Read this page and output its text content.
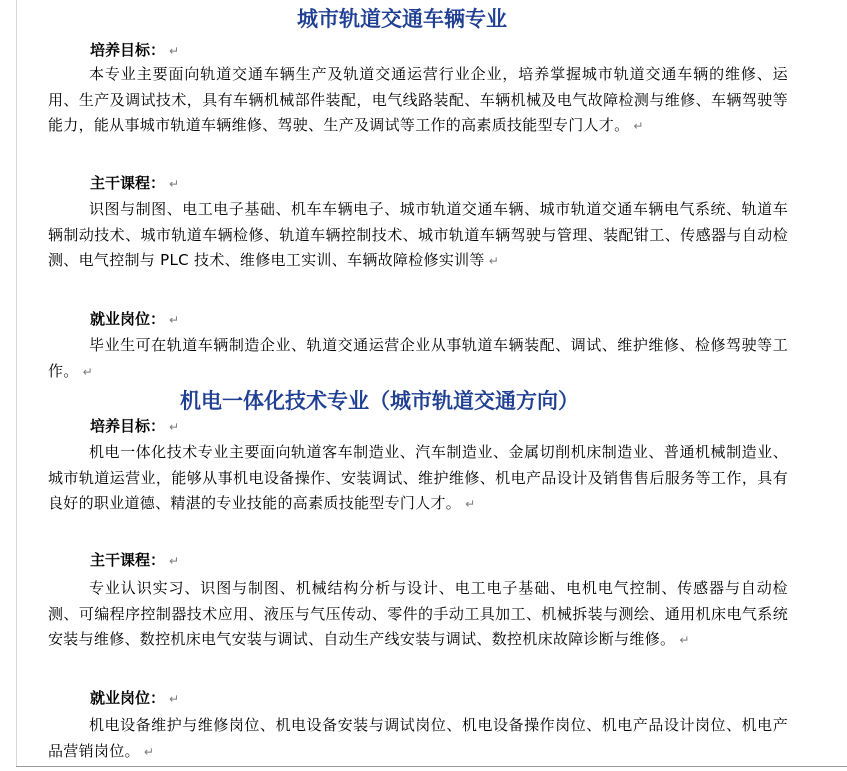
城市轨道交通车辆专业
培养目标： ↵
本专业主要面向轨道交通车辆生产及轨道交通运营行业企业，培养掌握城市轨道交通车辆的维修、运用、生产及调试技术，具有车辆机械部件装配，电气线路装配、车辆机械及电气故障检测与维修、车辆驾驶等能力，能从事城市轨道车辆维修、驾驶、生产及调试等工作的高素质技能型专门人才。 ↵
主干课程： ↵
识图与制图、电工电子基础、机车车辆电子、城市轨道交通车辆、城市轨道交通车辆电气系统、轨道车辆制动技术、城市轨道车辆检修、轨道车辆控制技术、城市轨道车辆驾驶与管理、装配钳工、传感器与自动检测、电气控制与 PLC 技术、维修电工实训、车辆故障检修实训等 ↵
就业岗位： ↵
毕业生可在轨道车辆制造企业、轨道交通运营企业从事轨道车辆装配、调试、维护维修、检修驾驶等工作。 ↵
机电一体化技术专业（城市轨道交通方向）
培养目标： ↵
机电一体化技术专业主要面向轨道客车制造业、汽车制造业、金属切削机床制造业、普通机械制造业、城市轨道运营业，能够从事机电设备操作、安装调试、维护维修、机电产品设计及销售售后服务等工作，具有良好的职业道德、精湛的专业技能的高素质技能型专门人才。 ↵
主干课程： ↵
专业认识实习、识图与制图、机械结构分析与设计、电工电子基础、电机电气控制、传感器与自动检测、可编程序控制器技术应用、液压与气压传动、零件的手动工具加工、机械拆装与测绘、通用机床电气系统安装与维修、数控机床电气安装与调试、自动生产线安装与调试、数控机床故障诊断与维修。 ↵
就业岗位： ↵
机电设备维护与维修岗位、机电设备安装与调试岗位、机电设备操作岗位、机电产品设计岗位、机电产品营销岗位。 ↵
